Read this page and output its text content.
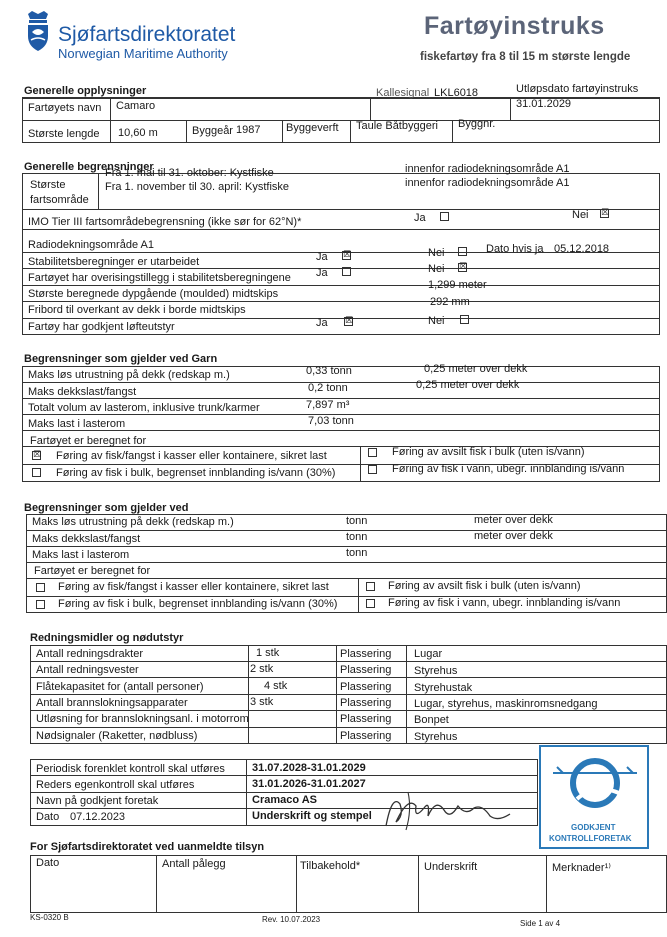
Sjøfartsdirektoratet
Norwegian Maritime Authority
Fartøyinstruks
fiskefartøy fra 8 til 15 m største lengde
Generelle opplysninger
Fartøyets navn Camaro
Kallesignal LKL6018	Utløpsdato fartøyinstruks
31.01.2029
Største lengde 10,60 m	Byggeår 1987 Byggeverft Taule Båtbyggeri Byggnr.
Generelle begrensninger
Største
fartsområde
Fra 1. mai til 31. oktober: Kystfiske
Fra 1. november til 30. april: Kystfiske
innenfor radiodekningsområde A1
innenfor radiodekningsområde A1
IMO Tier III fartsområdebegrensning (ikke sør for 62°N)*	Ja	Nei ☒
Radiodekningsområde A1
Stabilitetsberegninger er utarbeidet	Ja ☒	Nei	Dato hvis ja 05.12.2018
Fartøyet har overisingstillegg i stabilitetsberegningene Ja	Nei ☒
Største beregnede dypgående (moulded) midtskips
1,299 meter
Fribord til overkant av dekk i borde midtskips
292 mm
Fartøy har godkjent løfteutstyr	Ja ☒	Nei
Begrensninger som gjelder ved Garn
Maks løs utrustning på dekk (redskap m.)	0,33 tonn	0,25 meter over dekk
Maks dekkslast/fangst	0,2 tonn	0,25 meter over dekk
Totalt volum av lasterom, inklusive trunk/karmer	7,897 m³
Maks last i lasterom	7,03 tonn
Fartøyet er beregnet for
☒ Føring av fisk/fangst i kasser eller kontainere, sikret last	Føring av avsilt fisk i bulk (uten is/vann)
Føring av fisk i bulk, begrenset innblanding is/vann (30%)	Føring av fisk i vann, ubegr. innblanding is/vann
Begrensninger som gjelder ved
Maks løs utrustning på dekk (redskap m.)	tonn	meter over dekk
Maks dekkslast/fangst	tonn	meter over dekk
Maks last i lasterom	tonn
Fartøyet er beregnet for
Føring av fisk/fangst i kasser eller kontainere, sikret last	Føring av avsilt fisk i bulk (uten is/vann)
Føring av fisk i bulk, begrenset innblanding is/vann (30%)	Føring av fisk i vann, ubegr. innblanding is/vann
Redningsmidler og nødutstyr
Antall redningsdrakter	1 stk	Plassering Lugar
Antall redningsvester	2 stk	Plassering Styrehus
Flåtekapasitet for (antall personer)	4 stk	Plassering Styrehustak
Antall brannslokningsapparater	3 stk	Plassering Lugar, styrehus, maskinromsnedgang
Utløsning for brannslokningsanl. i motorrom	Plassering Bonpet
Nødsignaler (Raketter, nødbluss)	Plassering Styrehus
Periodisk forenklet kontroll skal utføres 31.07.2028-31.01.2029
Reders egenkontroll skal utføres	31.01.2026-31.01.2027
Navn på godkjent foretak	Cramaco AS
Dato 07.12.2023	Underskrift og stempel
GODKJENT
KONTROLLFORETAK
For Sjøfartsdirektoratet ved uanmeldte tilsyn
Dato	Antall pålegg	Tilbakehold*	Underskrift	Merknader¹⁾
KS-0320 B	Rev. 10.07.2023	Side 1 av 4
